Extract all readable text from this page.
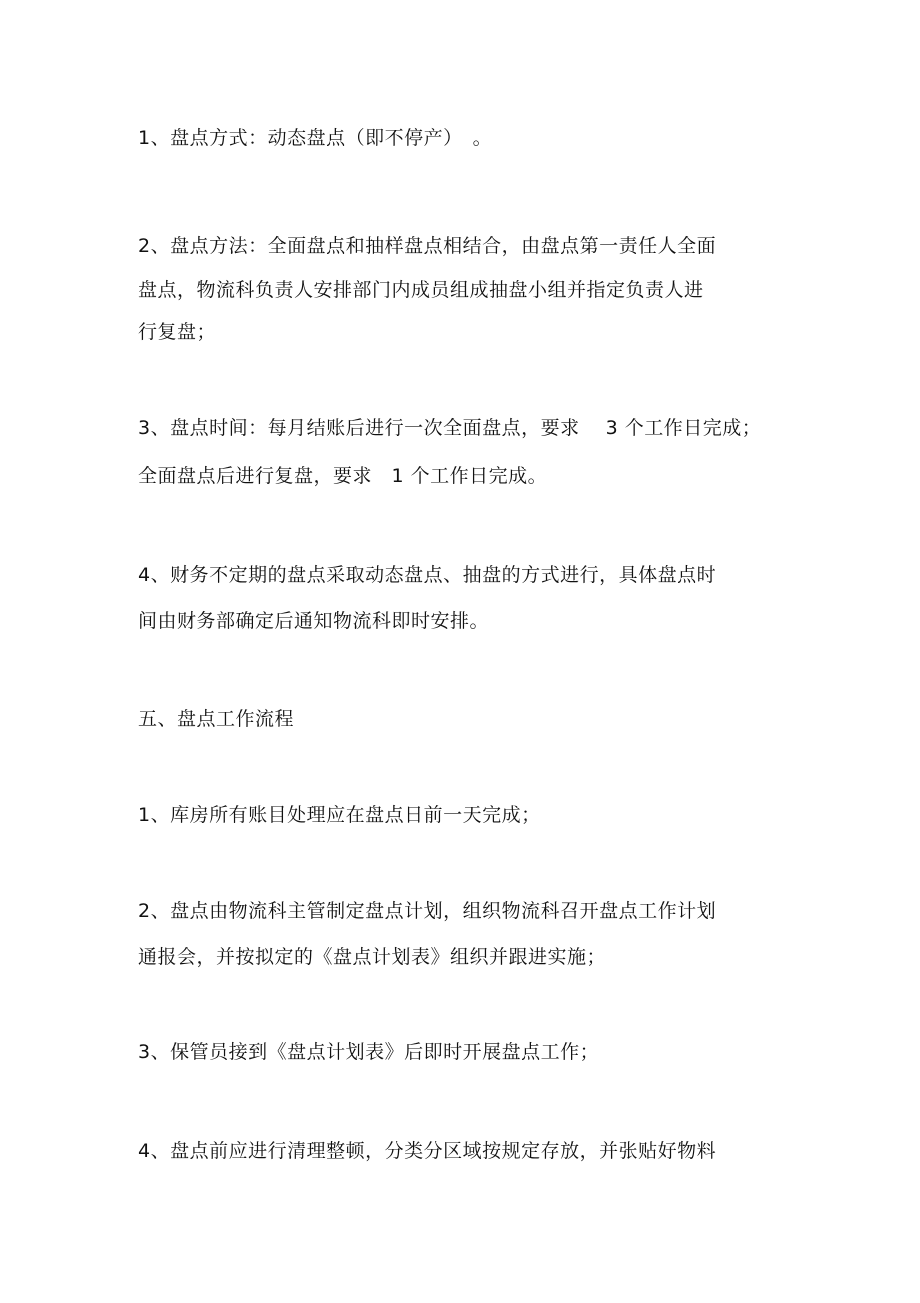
1、盘点方式：动态盘点（即不停产）　。
2、盘点方法：全面盘点和抽样盘点相结合，由盘点第一责任人全面
盘点，物流科负责人安排部门内成员组成抽盘小组并指定负责人进
行复盘；
3、盘点时间：每月结账后进行一次全面盘点，要求　 3 个工作日完成；
全面盘点后进行复盘，要求　1 个工作日完成。
4、财务不定期的盘点采取动态盘点、抽盘的方式进行，具体盘点时
间由财务部确定后通知物流科即时安排。
五、盘点工作流程
1、库房所有账目处理应在盘点日前一天完成；
2、盘点由物流科主管制定盘点计划，组织物流科召开盘点工作计划
通报会，并按拟定的《盘点计划表》组织并跟进实施；
3、保管员接到《盘点计划表》后即时开展盘点工作；
4、盘点前应进行清理整顿，分类分区域按规定存放，并张贴好物料
